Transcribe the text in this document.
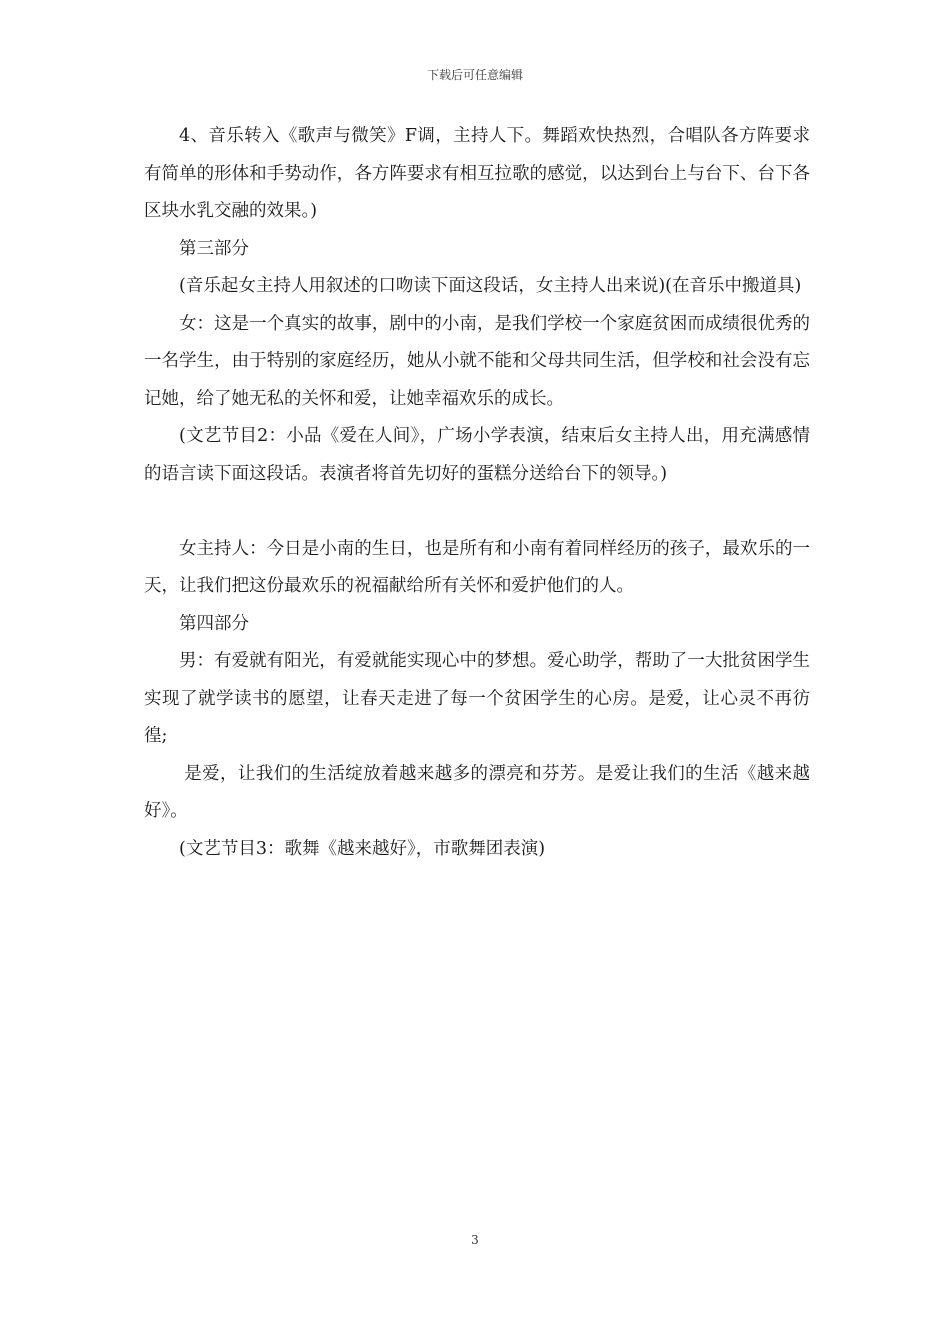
下载后可任意编辑

4、音乐转入《歌声与微笑》F调，主持人下。舞蹈欢快热烈，合唱队各方阵要求有简单的形体和手势动作，各方阵要求有相互拉歌的感觉，以达到台上与台下、台下各区块水乳交融的效果。)

第三部分

(音乐起女主持人用叙述的口吻读下面这段话，女主持人出来说)(在音乐中搬道具)

女：这是一个真实的故事，剧中的小南，是我们学校一个家庭贫困而成绩很优秀的一名学生，由于特别的家庭经历，她从小就不能和父母共同生活，但学校和社会没有忘记她，给了她无私的关怀和爱，让她幸福欢乐的成长。

(文艺节目2：小品《爱在人间》，广场小学表演，结束后女主持人出，用充满感情的语言读下面这段话。表演者将首先切好的蛋糕分送给台下的领导。)

女主持人：今日是小南的生日，也是所有和小南有着同样经历的孩子，最欢乐的一天，让我们把这份最欢乐的祝福献给所有关怀和爱护他们的人。

第四部分

男：有爱就有阳光，有爱就能实现心中的梦想。爱心助学，帮助了一大批贫困学生实现了就学读书的愿望，让春天走进了每一个贫困学生的心房。是爱，让心灵不再彷徨;

是爱，让我们的生活绽放着越来越多的漂亮和芬芳。是爱让我们的生活《越来越好》。

(文艺节目3：歌舞《越来越好》，市歌舞团表演)

3
